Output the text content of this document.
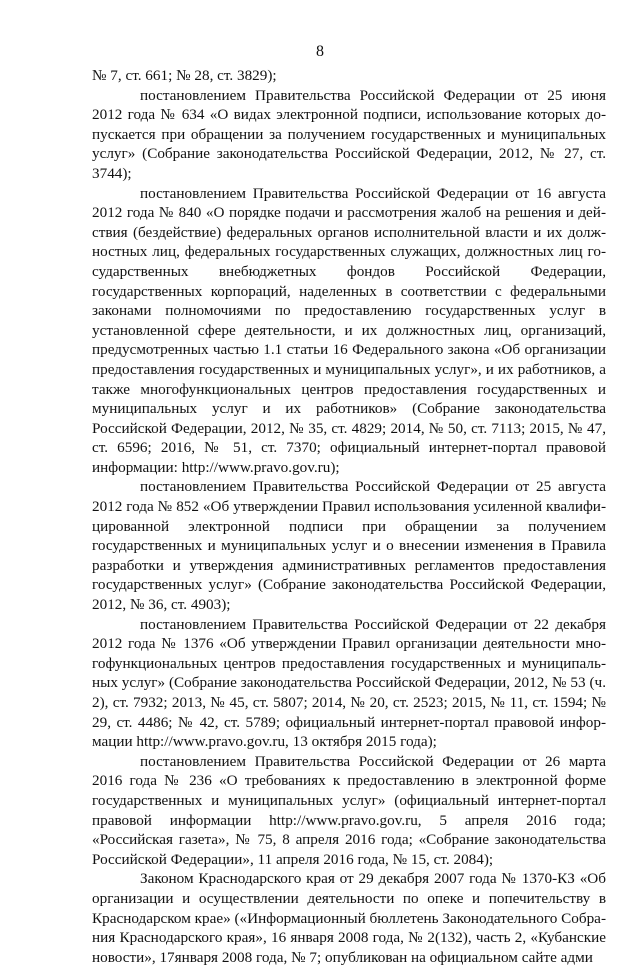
8

№ 7, ст. 661; № 28, ст. 3829);

постановлением Правительства Российской Федерации от 25 июня 2012 года № 634 «О видах электронной подписи, использование которых допускается при обращении за получением государственных и муниципальных услуг» (Собрание законодательства Российской Федерации, 2012, № 27, ст. 3744);

постановлением Правительства Российской Федерации от 16 августа 2012 года № 840 «О порядке подачи и рассмотрения жалоб на решения и действия (бездействие) федеральных органов исполнительной власти и их должностных лиц, федеральных государственных служащих, должностных лиц государственных внебюджетных фондов Российской Федерации, государственных корпораций, наделенных в соответствии с федеральными законами полномочиями по предоставлению государственных услуг в установленной сфере деятельности, и их должностных лиц, организаций, предусмотренных частью 1.1 статьи 16 Федерального закона «Об организации предоставления государственных и муниципальных услуг», и их работников, а также многофункциональных центров предоставления государственных и муниципальных услуг и их работников» (Собрание законодательства Российской Федерации, 2012, № 35, ст. 4829; 2014, № 50, ст. 7113; 2015, № 47, ст. 6596; 2016, № 51, ст. 7370; официальный интернет-портал правовой информации: http://www.pravo.gov.ru);

постановлением Правительства Российской Федерации от 25 августа 2012 года № 852 «Об утверждении Правил использования усиленной квалифицированной электронной подписи при обращении за получением государственных и муниципальных услуг и о внесении изменения в Правила разработки и утверждения административных регламентов предоставления государственных услуг» (Собрание законодательства Российской Федерации, 2012, № 36, ст. 4903);

постановлением Правительства Российской Федерации от 22 декабря 2012 года № 1376 «Об утверждении Правил организации деятельности многофункциональных центров предоставления государственных и муниципальных услуг» (Собрание законодательства Российской Федерации, 2012, № 53 (ч. 2), ст. 7932; 2013, № 45, ст. 5807; 2014, № 20, ст. 2523; 2015, № 11, ст. 1594; № 29, ст. 4486; № 42, ст. 5789; официальный интернет-портал правовой информации http://www.pravo.gov.ru, 13 октября 2015 года);

постановлением Правительства Российской Федерации от 26 марта 2016 года № 236 «О требованиях к предоставлению в электронной форме государственных и муниципальных услуг» (официальный интернет-портал правовой информации http://www.pravo.gov.ru, 5 апреля 2016 года; «Российская газета», № 75, 8 апреля 2016 года; «Собрание законодательства Российской Федерации», 11 апреля 2016 года, № 15, ст. 2084);

Законом Краснодарского края от 29 декабря 2007 года № 1370-КЗ «Об организации и осуществлении деятельности по опеке и попечительству в Краснодарском крае» («Информационный бюллетень Законодательного Собрания Краснодарского края», 16 января 2008 года, № 2(132), часть 2, «Кубанские новости», 17января 2008 года, № 7; опубликован на официальном сайте адми
